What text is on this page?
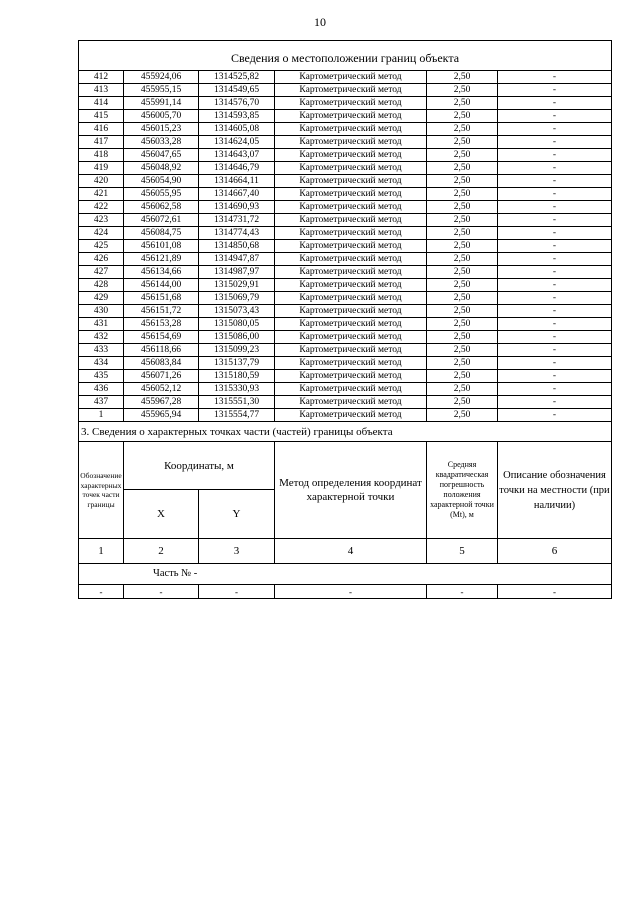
10
Сведения о местоположении границ объекта					
412	455924,06	1314525,82	Картометрический метод	2,50	-
413	455955,15	1314549,65	Картометрический метод	2,50	-
414	455991,14	1314576,70	Картометрический метод	2,50	-
415	456005,70	1314593,85	Картометрический метод	2,50	-
416	456015,23	1314605,08	Картометрический метод	2,50	-
417	456033,28	1314624,05	Картометрический метод	2,50	-
418	456047,65	1314643,07	Картометрический метод	2,50	-
419	456048,92	1314646,79	Картометрический метод	2,50	-
420	456054,90	1314664,11	Картометрический метод	2,50	-
421	456055,95	1314667,40	Картометрический метод	2,50	-
422	456062,58	1314690,93	Картометрический метод	2,50	-
423	456072,61	1314731,72	Картометрический метод	2,50	-
424	456084,75	1314774,43	Картометрический метод	2,50	-
425	456101,08	1314850,68	Картометрический метод	2,50	-
426	456121,89	1314947,87	Картометрический метод	2,50	-
427	456134,66	1314987,97	Картометрический метод	2,50	-
428	456144,00	1315029,91	Картометрический метод	2,50	-
429	456151,68	1315069,79	Картометрический метод	2,50	-
430	456151,72	1315073,43	Картометрический метод	2,50	-
431	456153,28	1315080,05	Картометрический метод	2,50	-
432	456154,69	1315086,00	Картометрический метод	2,50	-
433	456118,66	1315099,23	Картометрический метод	2,50	-
434	456083,84	1315137,79	Картометрический метод	2,50	-
435	456071,26	1315180,59	Картометрический метод	2,50	-
436	456052,12	1315330,93	Картометрический метод	2,50	-
437	455967,28	1315551,30	Картометрический метод	2,50	-
1	455965,94	1315554,77	Картометрический метод	2,50	-
3. Сведения о характерных точках части (частей) границы объекта					
Обозначение характерных точек части границы	Координаты, м		Метод определения координат характерной точки	Средняя квадратическая погрешность положения характерной точки (Mt), м	Описание обозначения точки на местности (при наличии)
	X	Y			
1	2	3	4	5	6
Часть № -					
-	-	-	-	-	-
